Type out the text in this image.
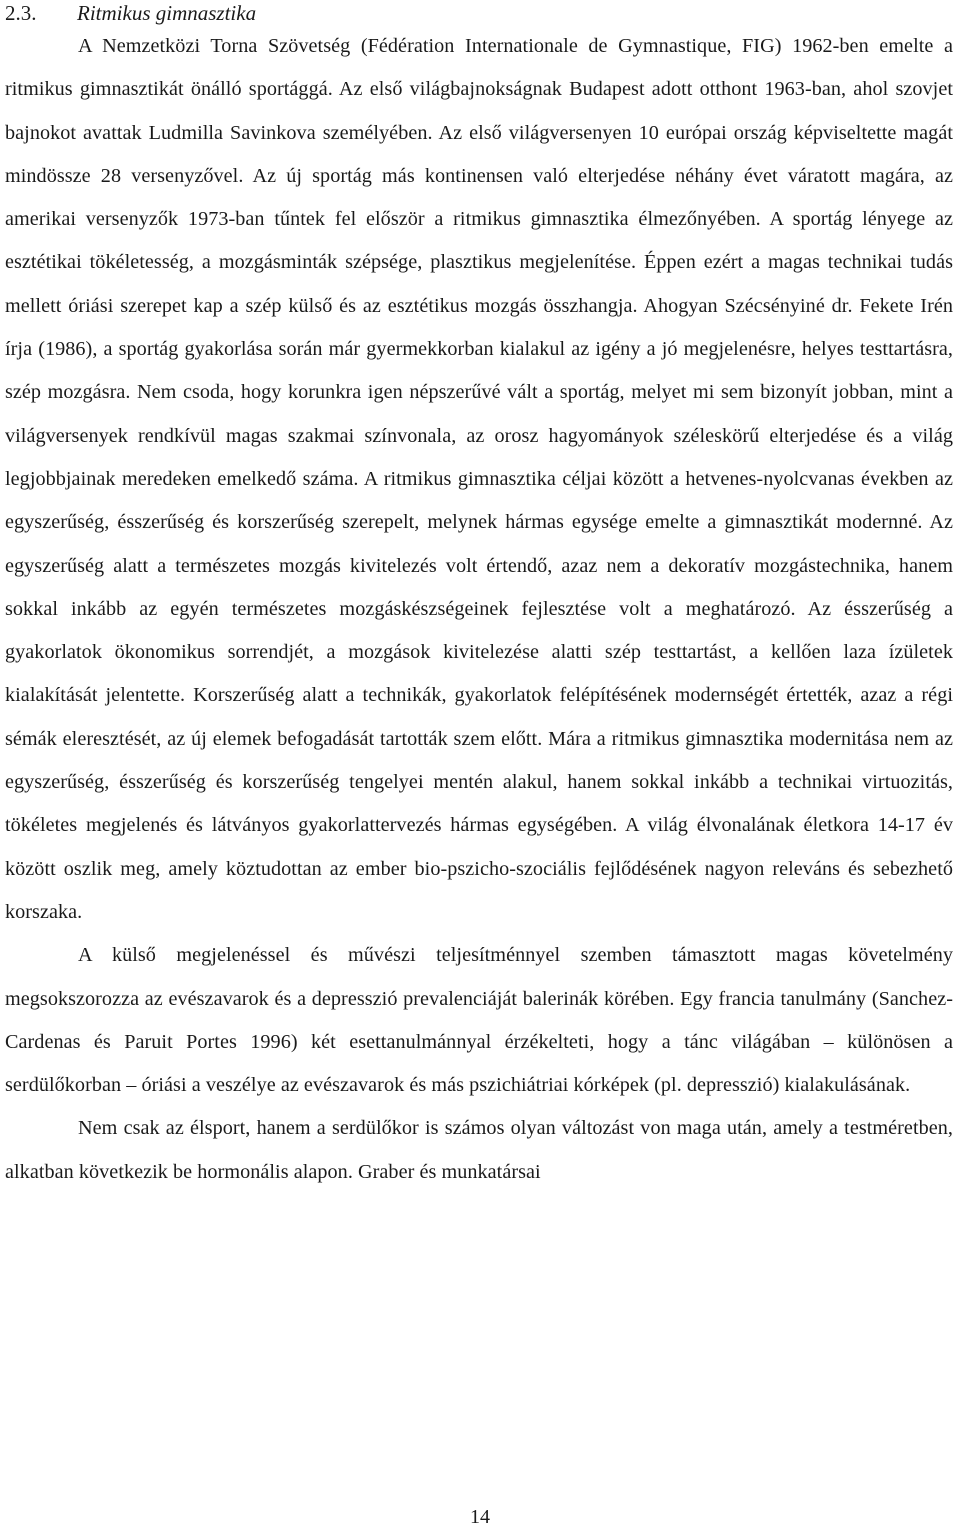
2.3. Ritmikus gimnasztika

A Nemzetközi Torna Szövetség (Fédération Internationale de Gymnastique, FIG) 1962-ben emelte a ritmikus gimnasztikát önálló sportággá. Az első világbajnokságnak Budapest adott otthont 1963-ban, ahol szovjet bajnokot avattak Ludmilla Savinkova személyében. Az első világversenyen 10 európai ország képviseltette magát mindössze 28 versenyzővel. Az új sportág más kontinensen való elterjedése néhány évet váratott magára, az amerikai versenyzők 1973-ban tűntek fel először a ritmikus gimnasztika élmezőnyében. A sportág lényege az esztétikai tökéletesség, a mozgásminták szépsége, plasztikus megjelenítése. Éppen ezért a magas technikai tudás mellett óriási szerepet kap a szép külső és az esztétikus mozgás összhangja. Ahogyan Szécsényiné dr. Fekete Irén írja (1986), a sportág gyakorlása során már gyermekkorban kialakul az igény a jó megjelenésre, helyes testtartásra, szép mozgásra. Nem csoda, hogy korunkra igen népszerűvé vált a sportág, melyet mi sem bizonyít jobban, mint a világversenyek rendkívül magas szakmai színvonala, az orosz hagyományok széleskörű elterjedése és a világ legjobbjainak meredeken emelkedő száma. A ritmikus gimnasztika céljai között a hetvenes-nyolcvanas években az egyszerűség, ésszerűség és korszerűség szerepelt, melynek hármas egysége emelte a gimnasztikát modernné. Az egyszerűség alatt a természetes mozgás kivitelezés volt értendő, azaz nem a dekoratív mozgástechnika, hanem sokkal inkább az egyén természetes mozgáskészségeinek fejlesztése volt a meghatározó. Az ésszerűség a gyakorlatok ökonomikus sorrendjét, a mozgások kivitelezése alatti szép testtartást, a kellően laza ízületek kialakítását jelentette. Korszerűség alatt a technikák, gyakorlatok felépítésének modernségét értették, azaz a régi sémák eleresztését, az új elemek befogadását tartották szem előtt. Mára a ritmikus gimnasztika modernitása nem az egyszerűség, ésszerűség és korszerűség tengelyei mentén alakul, hanem sokkal inkább a technikai virtuozitás, tökéletes megjelenés és látványos gyakorlattervezés hármas egységében. A világ élvonalának életkora 14-17 év között oszlik meg, amely köztudottan az ember bio-pszicho-szociális fejlődésének nagyon releváns és sebezhető korszaka.

A külső megjelenéssel és művészi teljesítménnyel szemben támasztott magas követelmény megsokszorozza az evészavarok és a depresszió prevalenciáját balerinák körében. Egy francia tanulmány (Sanchez-Cardenas és Paruit Portes 1996) két esettanulmánnyal érzékelteti, hogy a tánc világában – különösen a serdülőkorban – óriási a veszélye az evészavarok és más pszichiátriai kórképek (pl. depresszió) kialakulásának.

Nem csak az élsport, hanem a serdülőkor is számos olyan változást von maga után, amely a testméretben, alkatban következik be hormonális alapon. Graber és munkatársai

14
